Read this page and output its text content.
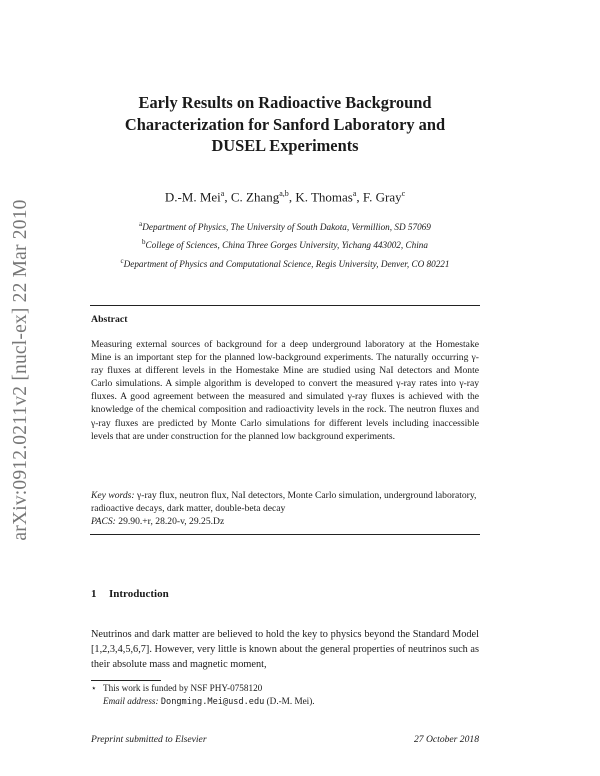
arXiv:0912.0211v2 [nucl-ex] 22 Mar 2010
Early Results on Radioactive Background
Characterization for Sanford Laboratory and
DUSEL Experiments
D.-M. Mei$^a$, C. Zhang$^{a,b}$, K. Thomas$^a$, F. Gray$^c$
$^a$Department of Physics, The University of South Dakota, Vermillion, SD 57069
$^b$College of Sciences, China Three Gorges University, Yichang 443002, China
$^c$Department of Physics and Computational Science, Regis University, Denver, CO 80221
Abstract
Measuring external sources of background for a deep underground laboratory at the Homestake Mine is an important step for the planned low-background experiments. The naturally occurring γ-ray fluxes at different levels in the Homestake Mine are studied using NaI detectors and Monte Carlo simulations. A simple algorithm is developed to convert the measured γ-ray rates into γ-ray fluxes. A good agreement between the measured and simulated γ-ray fluxes is achieved with the knowledge of the chemical composition and radioactivity levels in the rock. The neutron fluxes and γ-ray fluxes are predicted by Monte Carlo simulations for different levels including inaccessible levels that are under construction for the planned low background experiments.
Key words: γ-ray flux, neutron flux, NaI detectors, Monte Carlo simulation, underground laboratory, radioactive decays, dark matter, double-beta decay
PACS: 29.90.+r, 28.20-v, 29.25.Dz
1 Introduction
Neutrinos and dark matter are believed to hold the key to physics beyond the Standard Model [1,2,3,4,5,6,7]. However, very little is known about the general properties of neutrinos such as their absolute mass and magnetic moment,
⋆ This work is funded by NSF PHY-0758120
Email address: Dongming.Mei@usd.edu (D.-M. Mei).
Preprint submitted to Elsevier	27 October 2018
